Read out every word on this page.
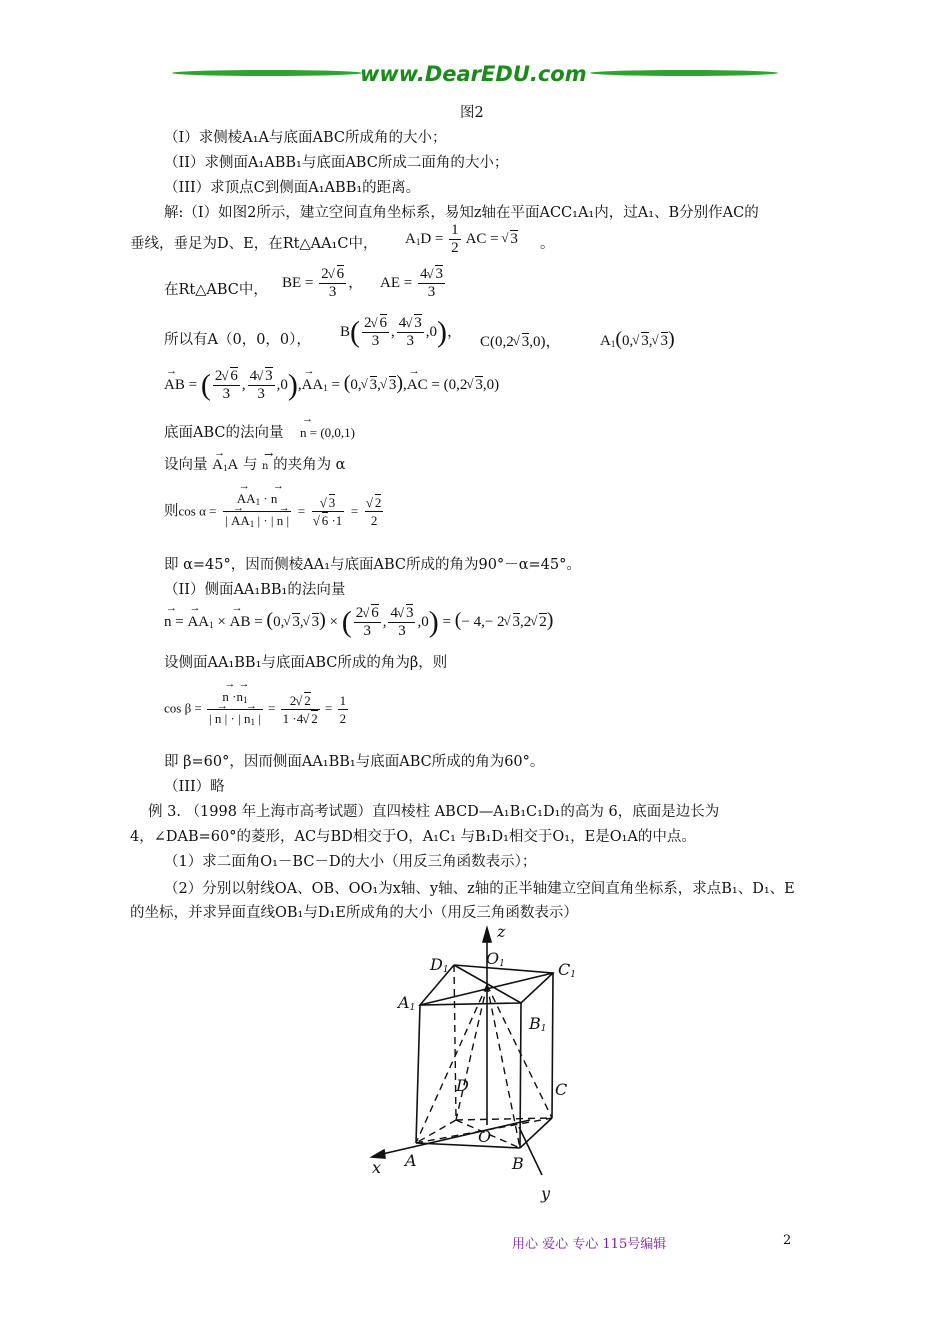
www.DearEDU.com
图2
（I）求侧棱A₁A与底面ABC所成角的大小；
（II）求侧面A₁ABB₁与底面ABC所成二面角的大小；
（III）求顶点C到侧面A₁ABB₁的距离。
解:（I）如图2所示，建立空间直角坐标系，易知z轴在平面ACC₁A₁内，过A₁、B分别作AC的
垂线，垂足为D、E，在Rt△AA₁C中， $A_1D = \frac{1}{2}$ AC = √ 3 。
在Rt△ABC中， BE = $\frac{2√ 6}{3}$ ， AE = $\frac{4√ 3}{3}$
所以有A（0，0，0），
$B( \frac{2√ 6}{3}$ , $\frac{4√ 3}{3} ,0$)，
C(0,2√ 3,0)，	$A_1(0,√$ 3,√ 3)
→ AB = ( $\frac{2√ 6}{3}$ , $\frac{4√ 3}{3} ,0),\to AA_1 = (0,√$ 3,√ 3),→ AC = (0,2√ 3,0)
底面ABC的法向量
→ n = (0,0,1)
设向量 → $A_1A$ 与 → n 的夹角为 α
则cos α =
→ $\frac{AA_1 \cdot \to n}{| \to AA_1 | \cdot | \to n |}$ =
√ 3
√ 6 ·1 =
√ $\frac{2}{2}$
即 α=45°，因而侧棱AA₁与底面ABC所成的角为90°－α=45°。
（II）侧面AA₁BB₁的法向量
→ n = → $AA_1$ × → AB = (0,√ 3,√ 3) × ( $\frac{2√ 6}{3}$ , $\frac{4√ 3}{3} ,0$) = (− 4,− 2√ 3,2√ 2)
设侧面AA₁BB₁与底面ABC所成的角为β，则
cos β =
→ $\frac{n \cdot\to n_1}{| \to n | \cdot | \to n_1 |} = \frac{2√ 2}{1 \cdot 4√ 2} = \frac{1}{2}$
即 β=60°，因而侧面AA₁BB₁与底面ABC所成的角为60°。
（III）略
例 3. （1998 年上海市高考试题）直四棱柱 ABCD—A₁B₁C₁D₁的高为 6，底面是边长为
4，∠DAB=60°的菱形，AC与BD相交于O，A₁C₁ 与B₁D₁相交于O₁，E是O₁A的中点。
（1）求二面角O₁－BC－D的大小（用反三角函数表示）；
（2）分别以射线OA、OB、OO₁为x轴、y轴、z轴的正半轴建立空间直角坐标系，求点B₁、D₁、E
的坐标，并求异面直线OB₁与D₁E所成角的大小（用反三角函数表示）
z
$D_1$
$O_1$	$C_1$
$A_1$
$B_1$
D	C
O
A	B
x
y
用心 爱心 专心 115号编辑	2
